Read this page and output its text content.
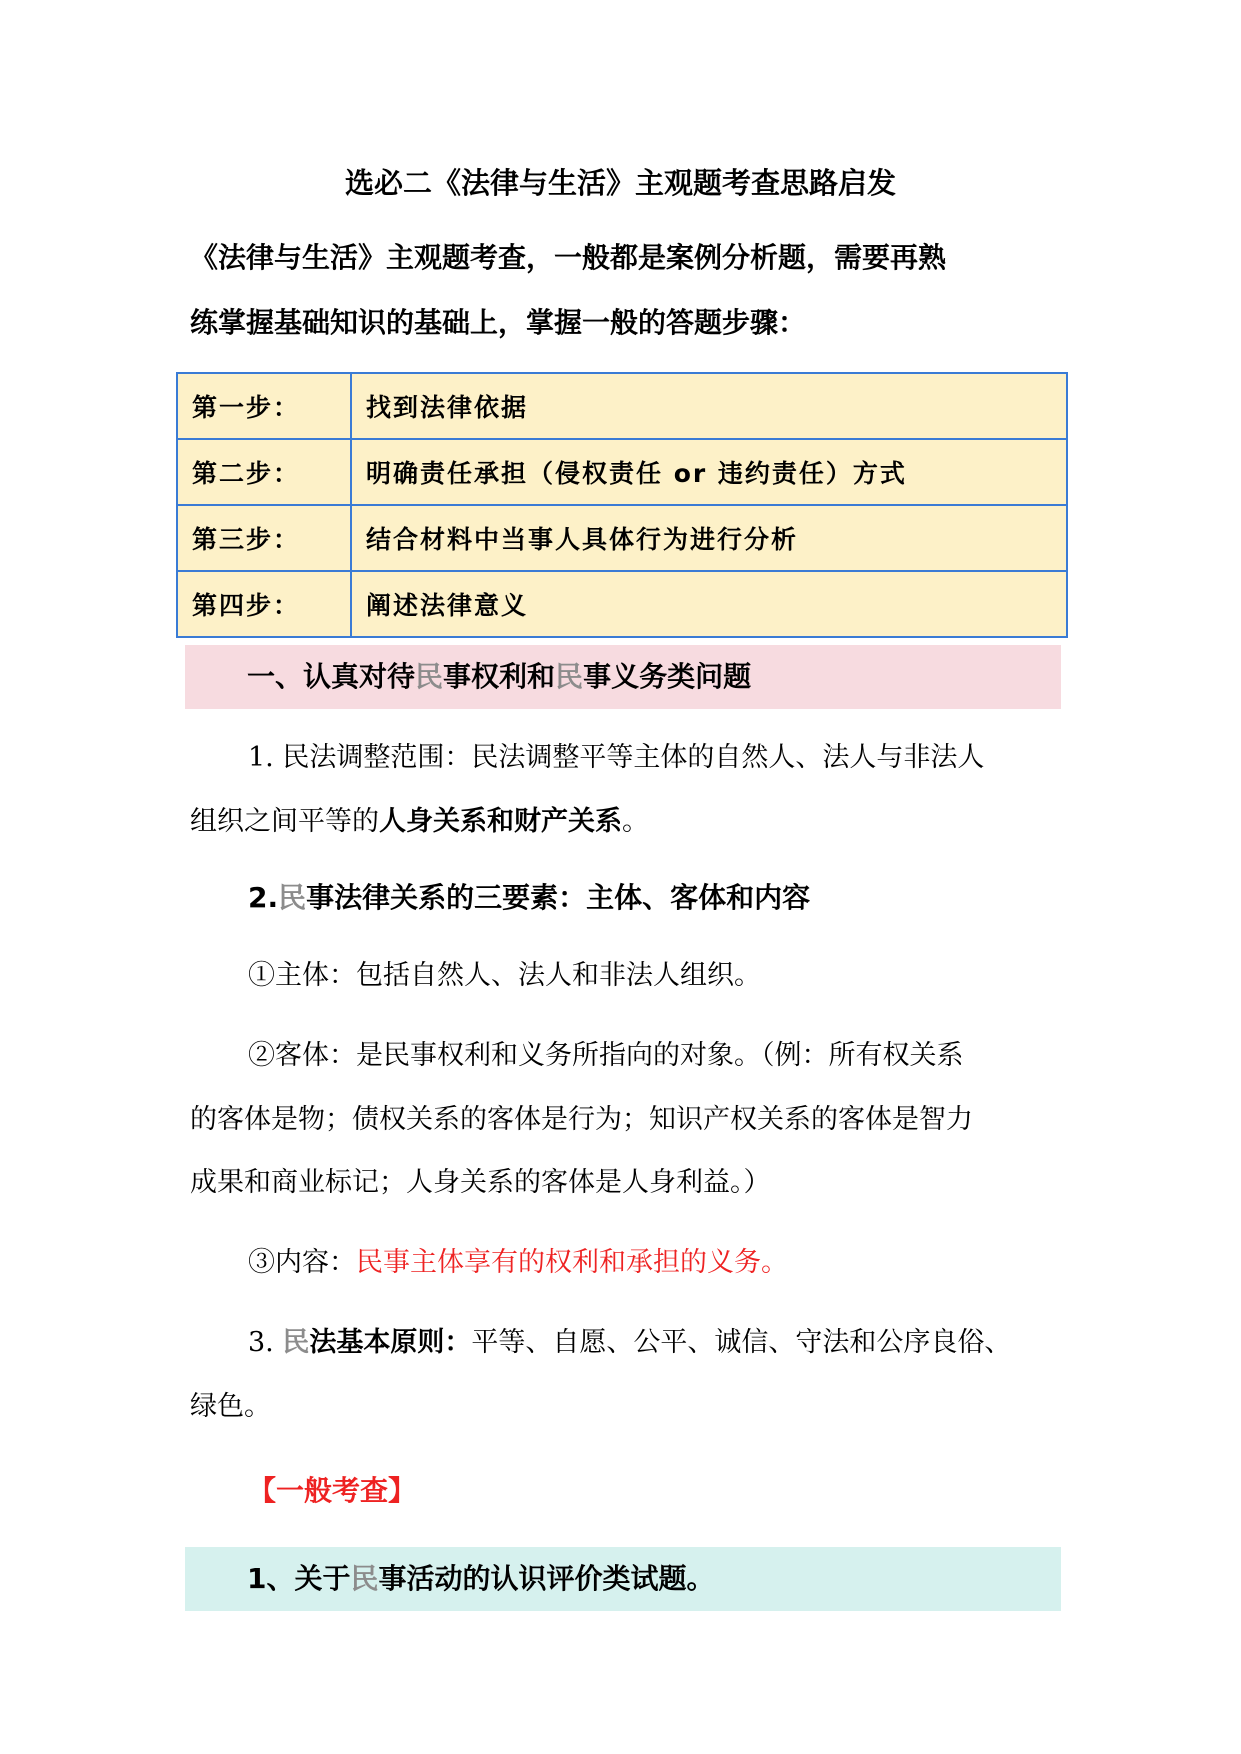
选必二《法律与生活》主观题考查思路启发
《法律与生活》主观题考查，一般都是案例分析题，需要再熟
练掌握基础知识的基础上，掌握一般的答题步骤：
第一步：	找到法律依据
第二步：	明确责任承担（侵权责任 or 违约责任）方式
第三步：	结合材料中当事人具体行为进行分析
第四步：	阐述法律意义
一、认真对待民事权利和民事义务类问题
1. 民法调整范围：民法调整平等主体的自然人、法人与非法人
组织之间平等的人身关系和财产关系。
2.民事法律关系的三要素：主体、客体和内容
①主体：包括自然人、法人和非法人组织。
②客体：是民事权利和义务所指向的对象。（例：所有权关系
的客体是物；债权关系的客体是行为；知识产权关系的客体是智力
成果和商业标记；人身关系的客体是人身利益。）
③内容：民事主体享有的权利和承担的义务。
3. 民法基本原则：平等、自愿、公平、诚信、守法和公序良俗、
绿色。
【一般考查】
1、关于民事活动的认识评价类试题。
